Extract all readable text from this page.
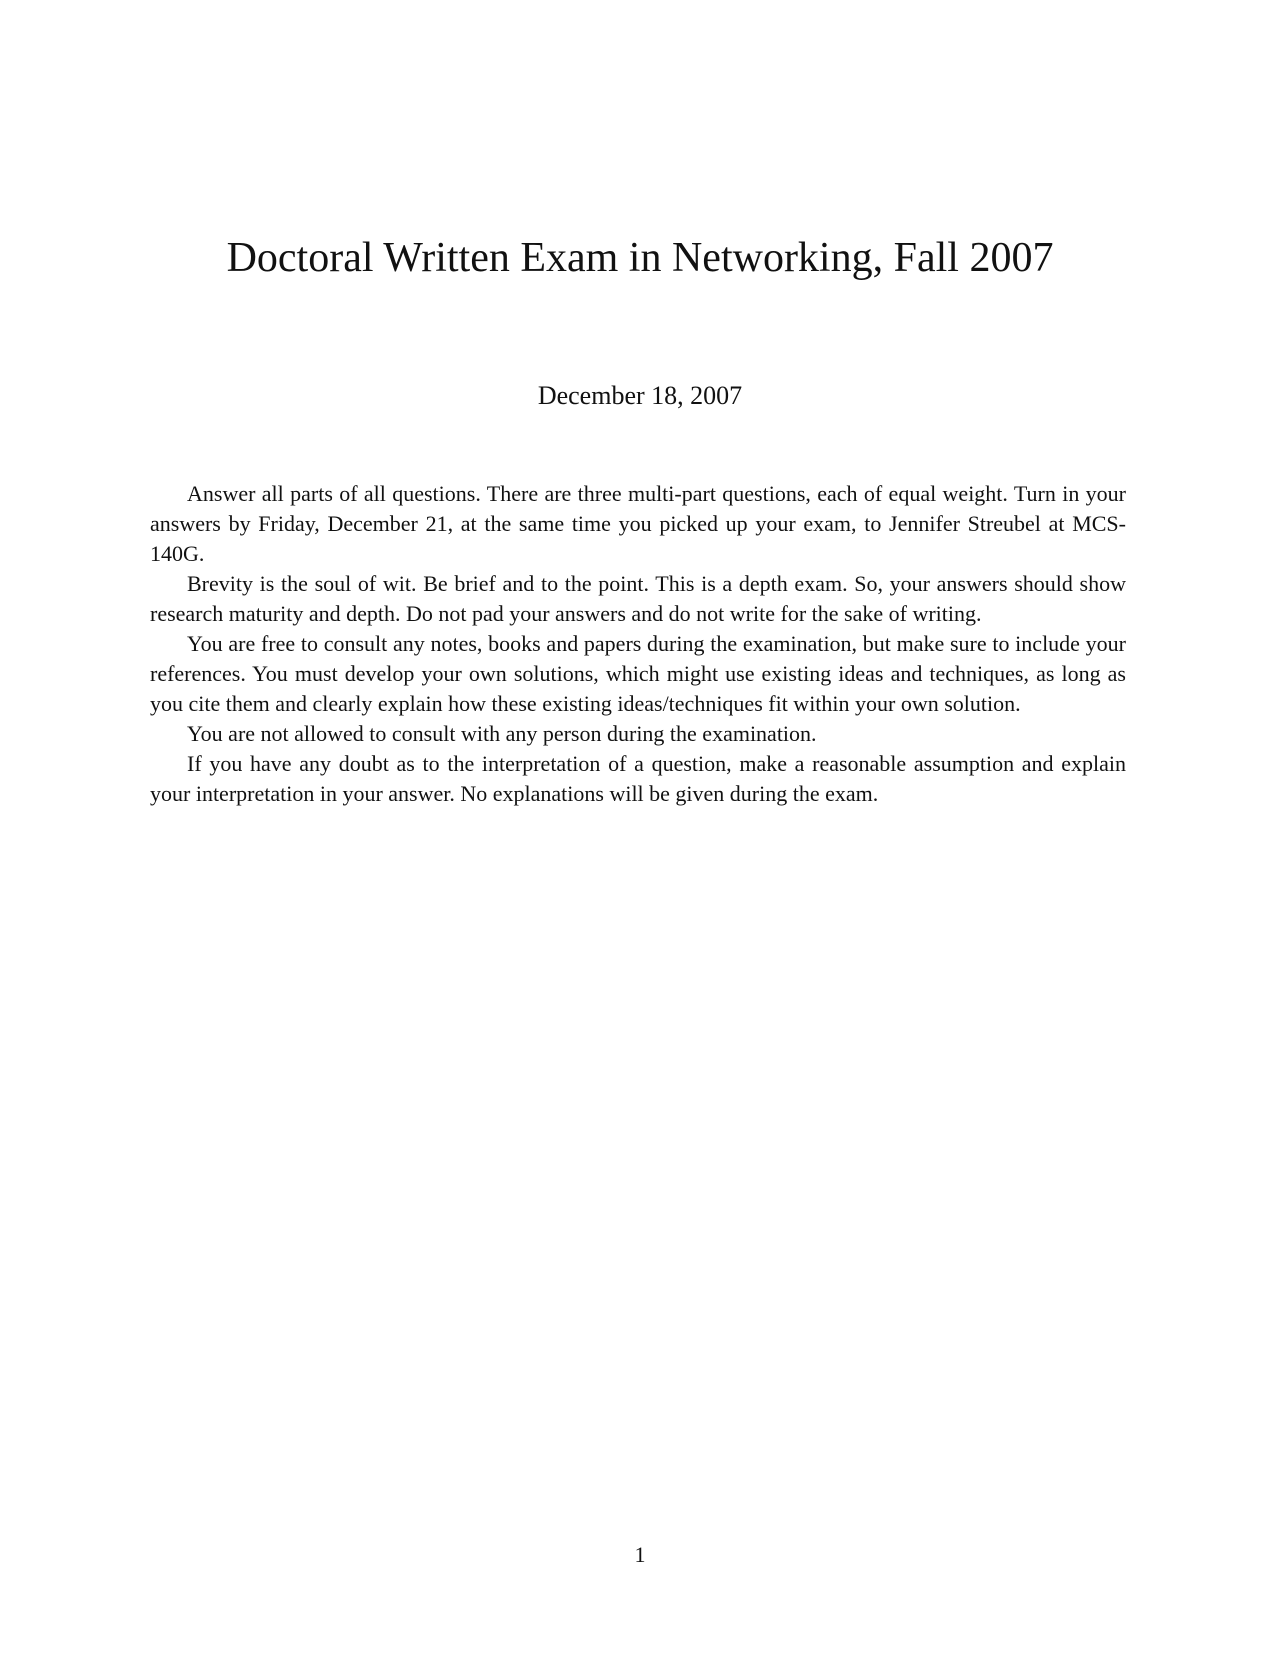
Doctoral Written Exam in Networking, Fall 2007
December 18, 2007

Answer all parts of all questions. There are three multi-part questions, each of equal weight. Turn in your answers by Friday, December 21, at the same time you picked up your exam, to Jennifer Streubel at MCS-140G.

Brevity is the soul of wit. Be brief and to the point. This is a depth exam. So, your answers should show research maturity and depth. Do not pad your answers and do not write for the sake of writing.

You are free to consult any notes, books and papers during the examination, but make sure to include your references. You must develop your own solutions, which might use existing ideas and techniques, as long as you cite them and clearly explain how these existing ideas/techniques fit within your own solution.

You are not allowed to consult with any person during the examination.

If you have any doubt as to the interpretation of a question, make a reasonable assumption and explain your interpretation in your answer. No explanations will be given during the exam.

1
